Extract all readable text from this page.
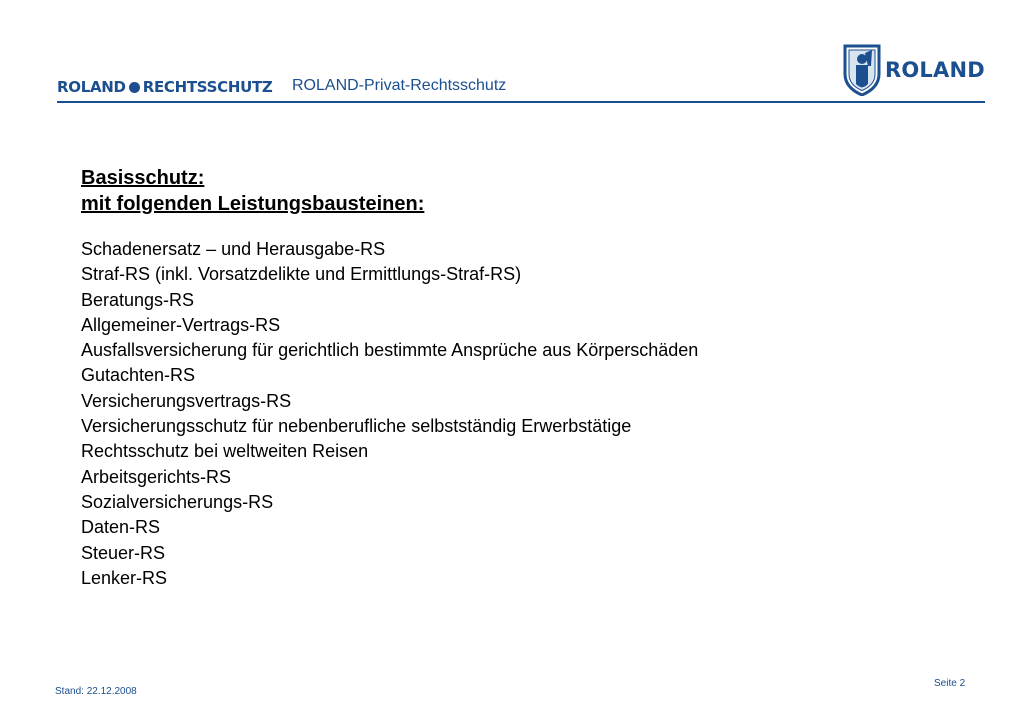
ROLAND RECHTSSCHUTZ ROLAND-Privat-Rechtsschutz
ROLAND
Basisschutz:
mit folgenden Leistungsbausteinen:
Schadenersatz – und Herausgabe-RS
Straf-RS (inkl. Vorsatzdelikte und Ermittlungs-Straf-RS)
Beratungs-RS
Allgemeiner-Vertrags-RS
Ausfallsversicherung für gerichtlich bestimmte Ansprüche aus Körperschäden
Gutachten-RS
Versicherungsvertrags-RS
Versicherungsschutz für nebenberufliche selbstständig Erwerbstätige
Rechtsschutz bei weltweiten Reisen
Arbeitsgerichts-RS
Sozialversicherungs-RS
Daten-RS
Steuer-RS
Lenker-RS
Stand: 22.12.2008
Seite 2
